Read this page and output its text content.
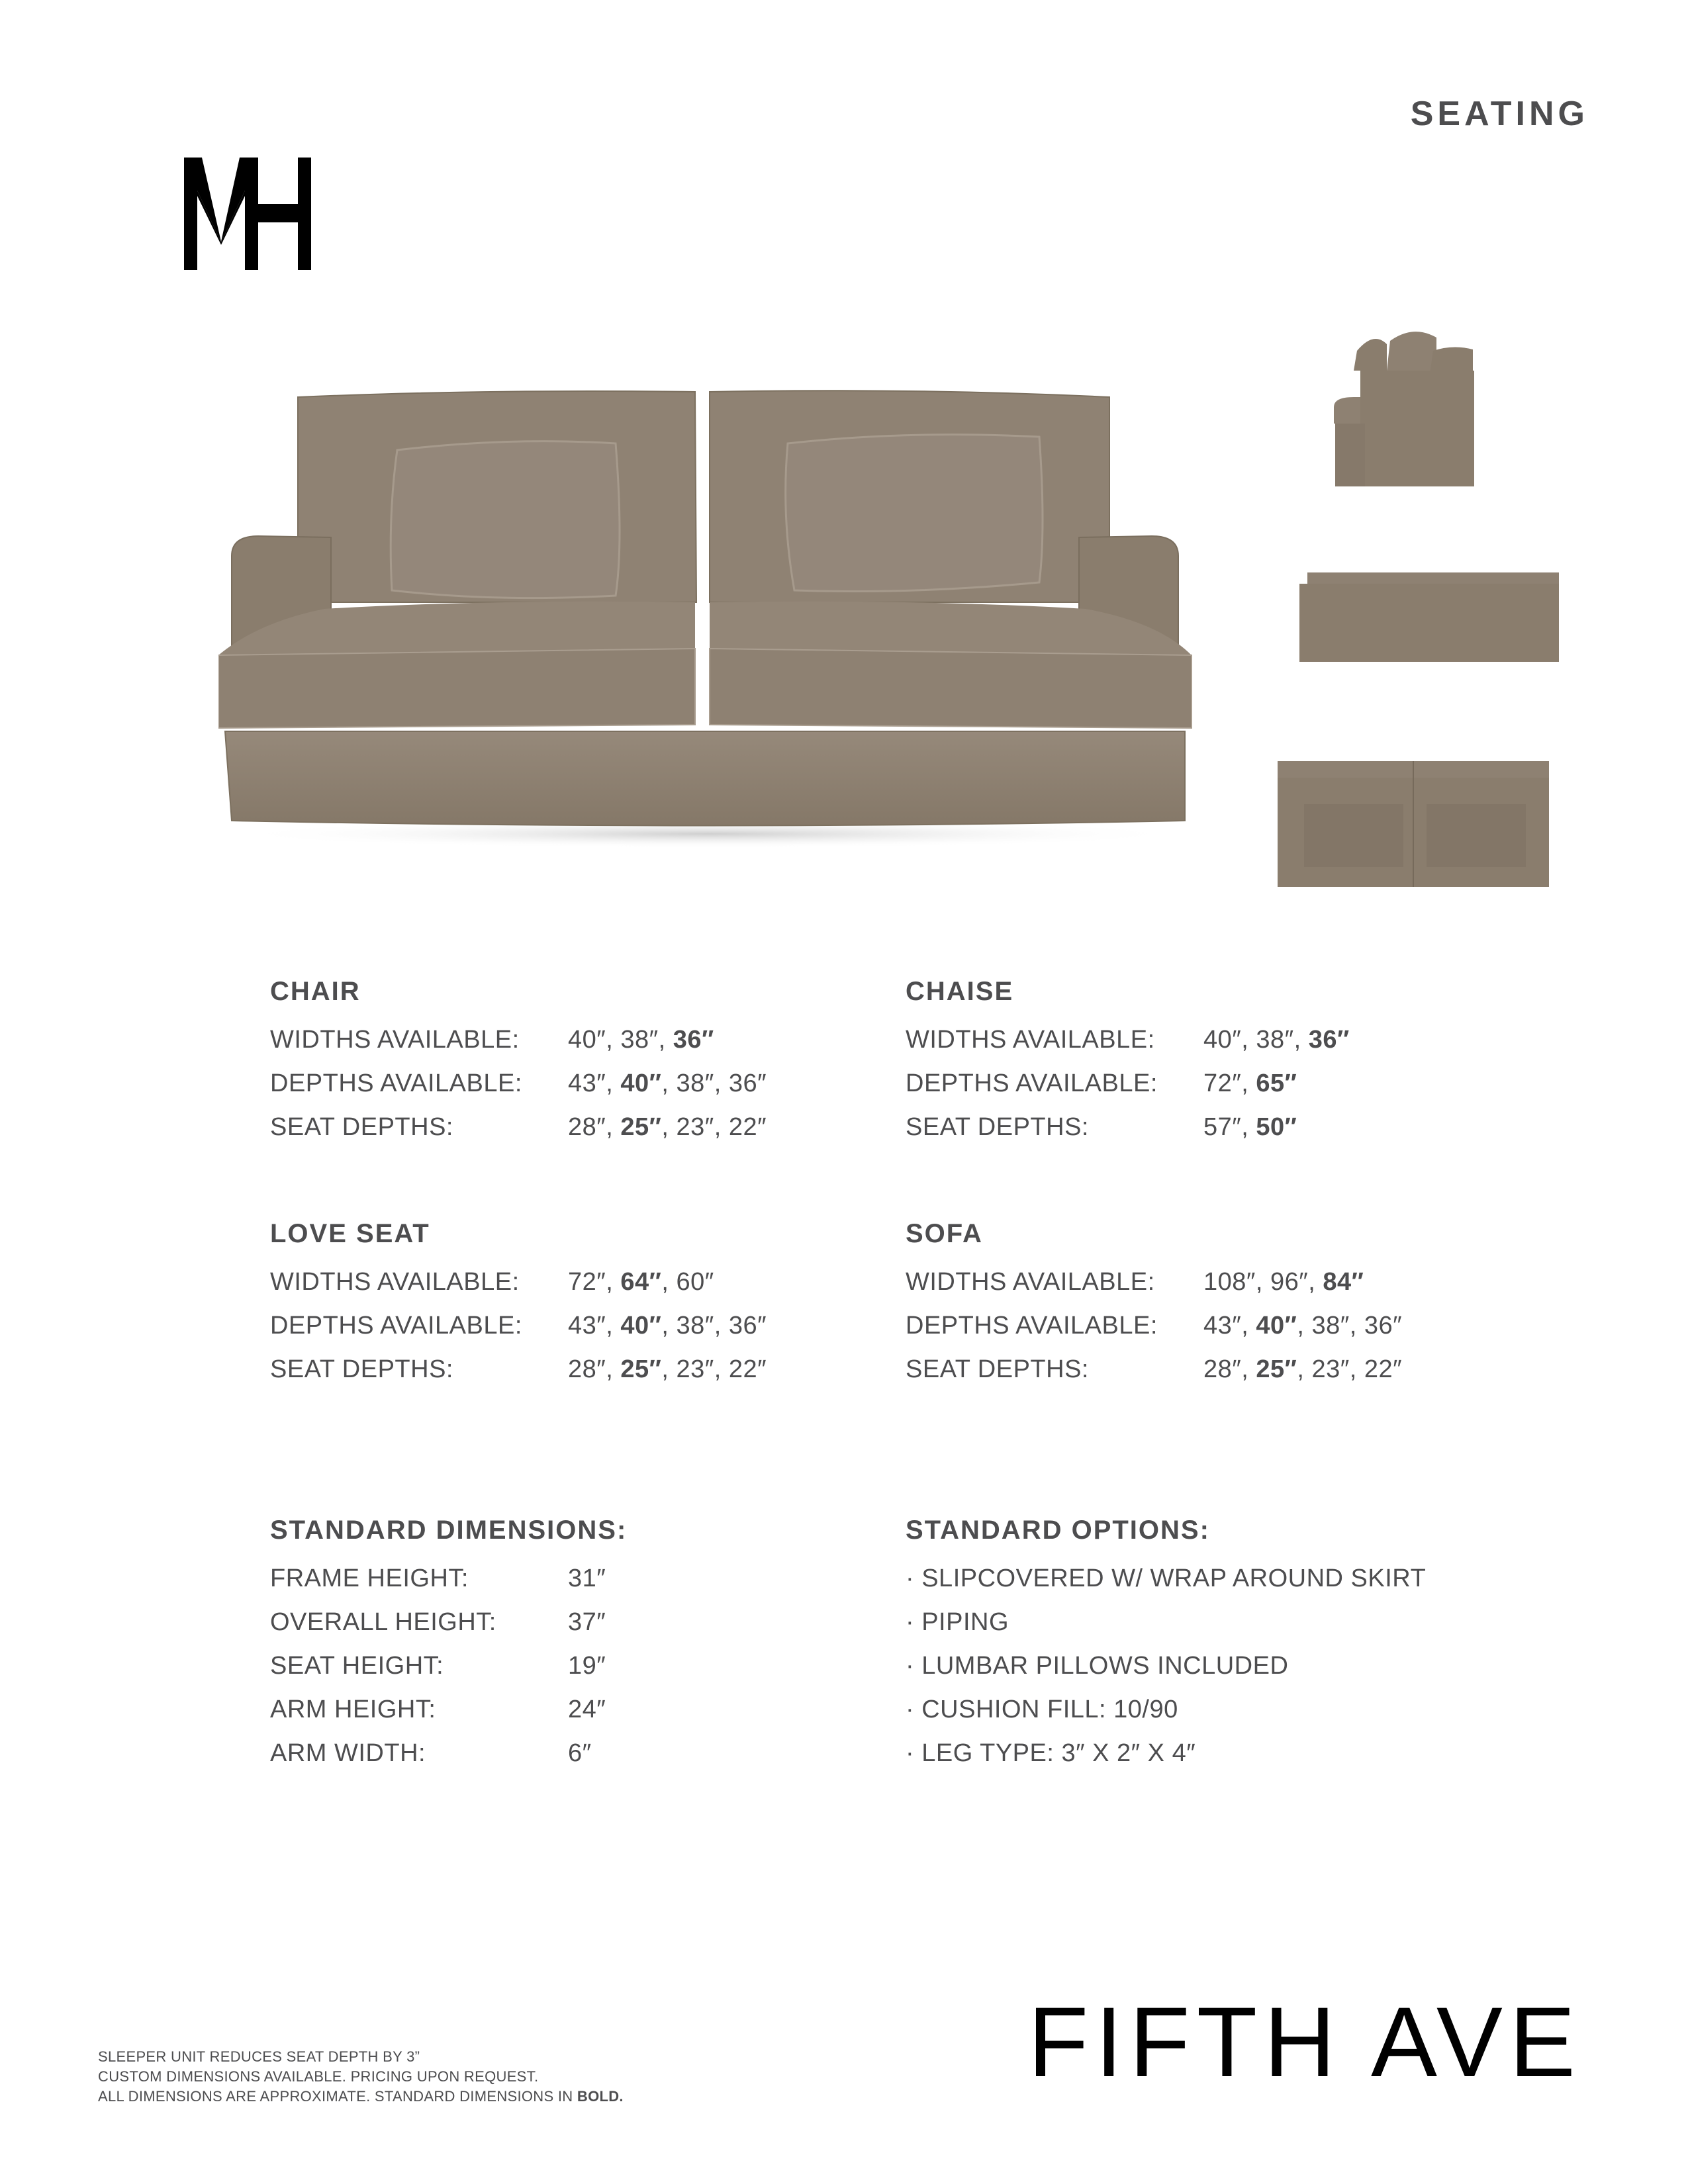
SEATING
CHAIR
WIDTHS AVAILABLE:	40″, 38″, 36″
DEPTHS AVAILABLE:	43″, 40″, 38″, 36″
SEAT DEPTHS:	28″, 25″, 23″, 22″
CHAISE
WIDTHS AVAILABLE:	40″, 38″, 36″
DEPTHS AVAILABLE:	72″, 65″
SEAT DEPTHS:	57″, 50″
LOVE SEAT
WIDTHS AVAILABLE:	72″, 64″, 60″
DEPTHS AVAILABLE:	43″, 40″, 38″, 36″
SEAT DEPTHS:	28″, 25″, 23″, 22″
SOFA
WIDTHS AVAILABLE:	108″, 96″, 84″
DEPTHS AVAILABLE:	43″, 40″, 38″, 36″
SEAT DEPTHS:	28″, 25″, 23″, 22″
STANDARD DIMENSIONS:
FRAME HEIGHT:	31″
OVERALL HEIGHT:	37″
SEAT HEIGHT:	19″
ARM HEIGHT:	24″
ARM WIDTH:	6″
STANDARD OPTIONS:
· SLIPCOVERED W/ WRAP AROUND SKIRT
· PIPING
· LUMBAR PILLOWS INCLUDED
· CUSHION FILL: 10/90
· LEG TYPE: 3″ X 2″ X 4″
SLEEPER UNIT REDUCES SEAT DEPTH BY 3”
CUSTOM DIMENSIONS AVAILABLE. PRICING UPON REQUEST.
ALL DIMENSIONS ARE APPROXIMATE. STANDARD DIMENSIONS IN BOLD.	FIFTH AVE
